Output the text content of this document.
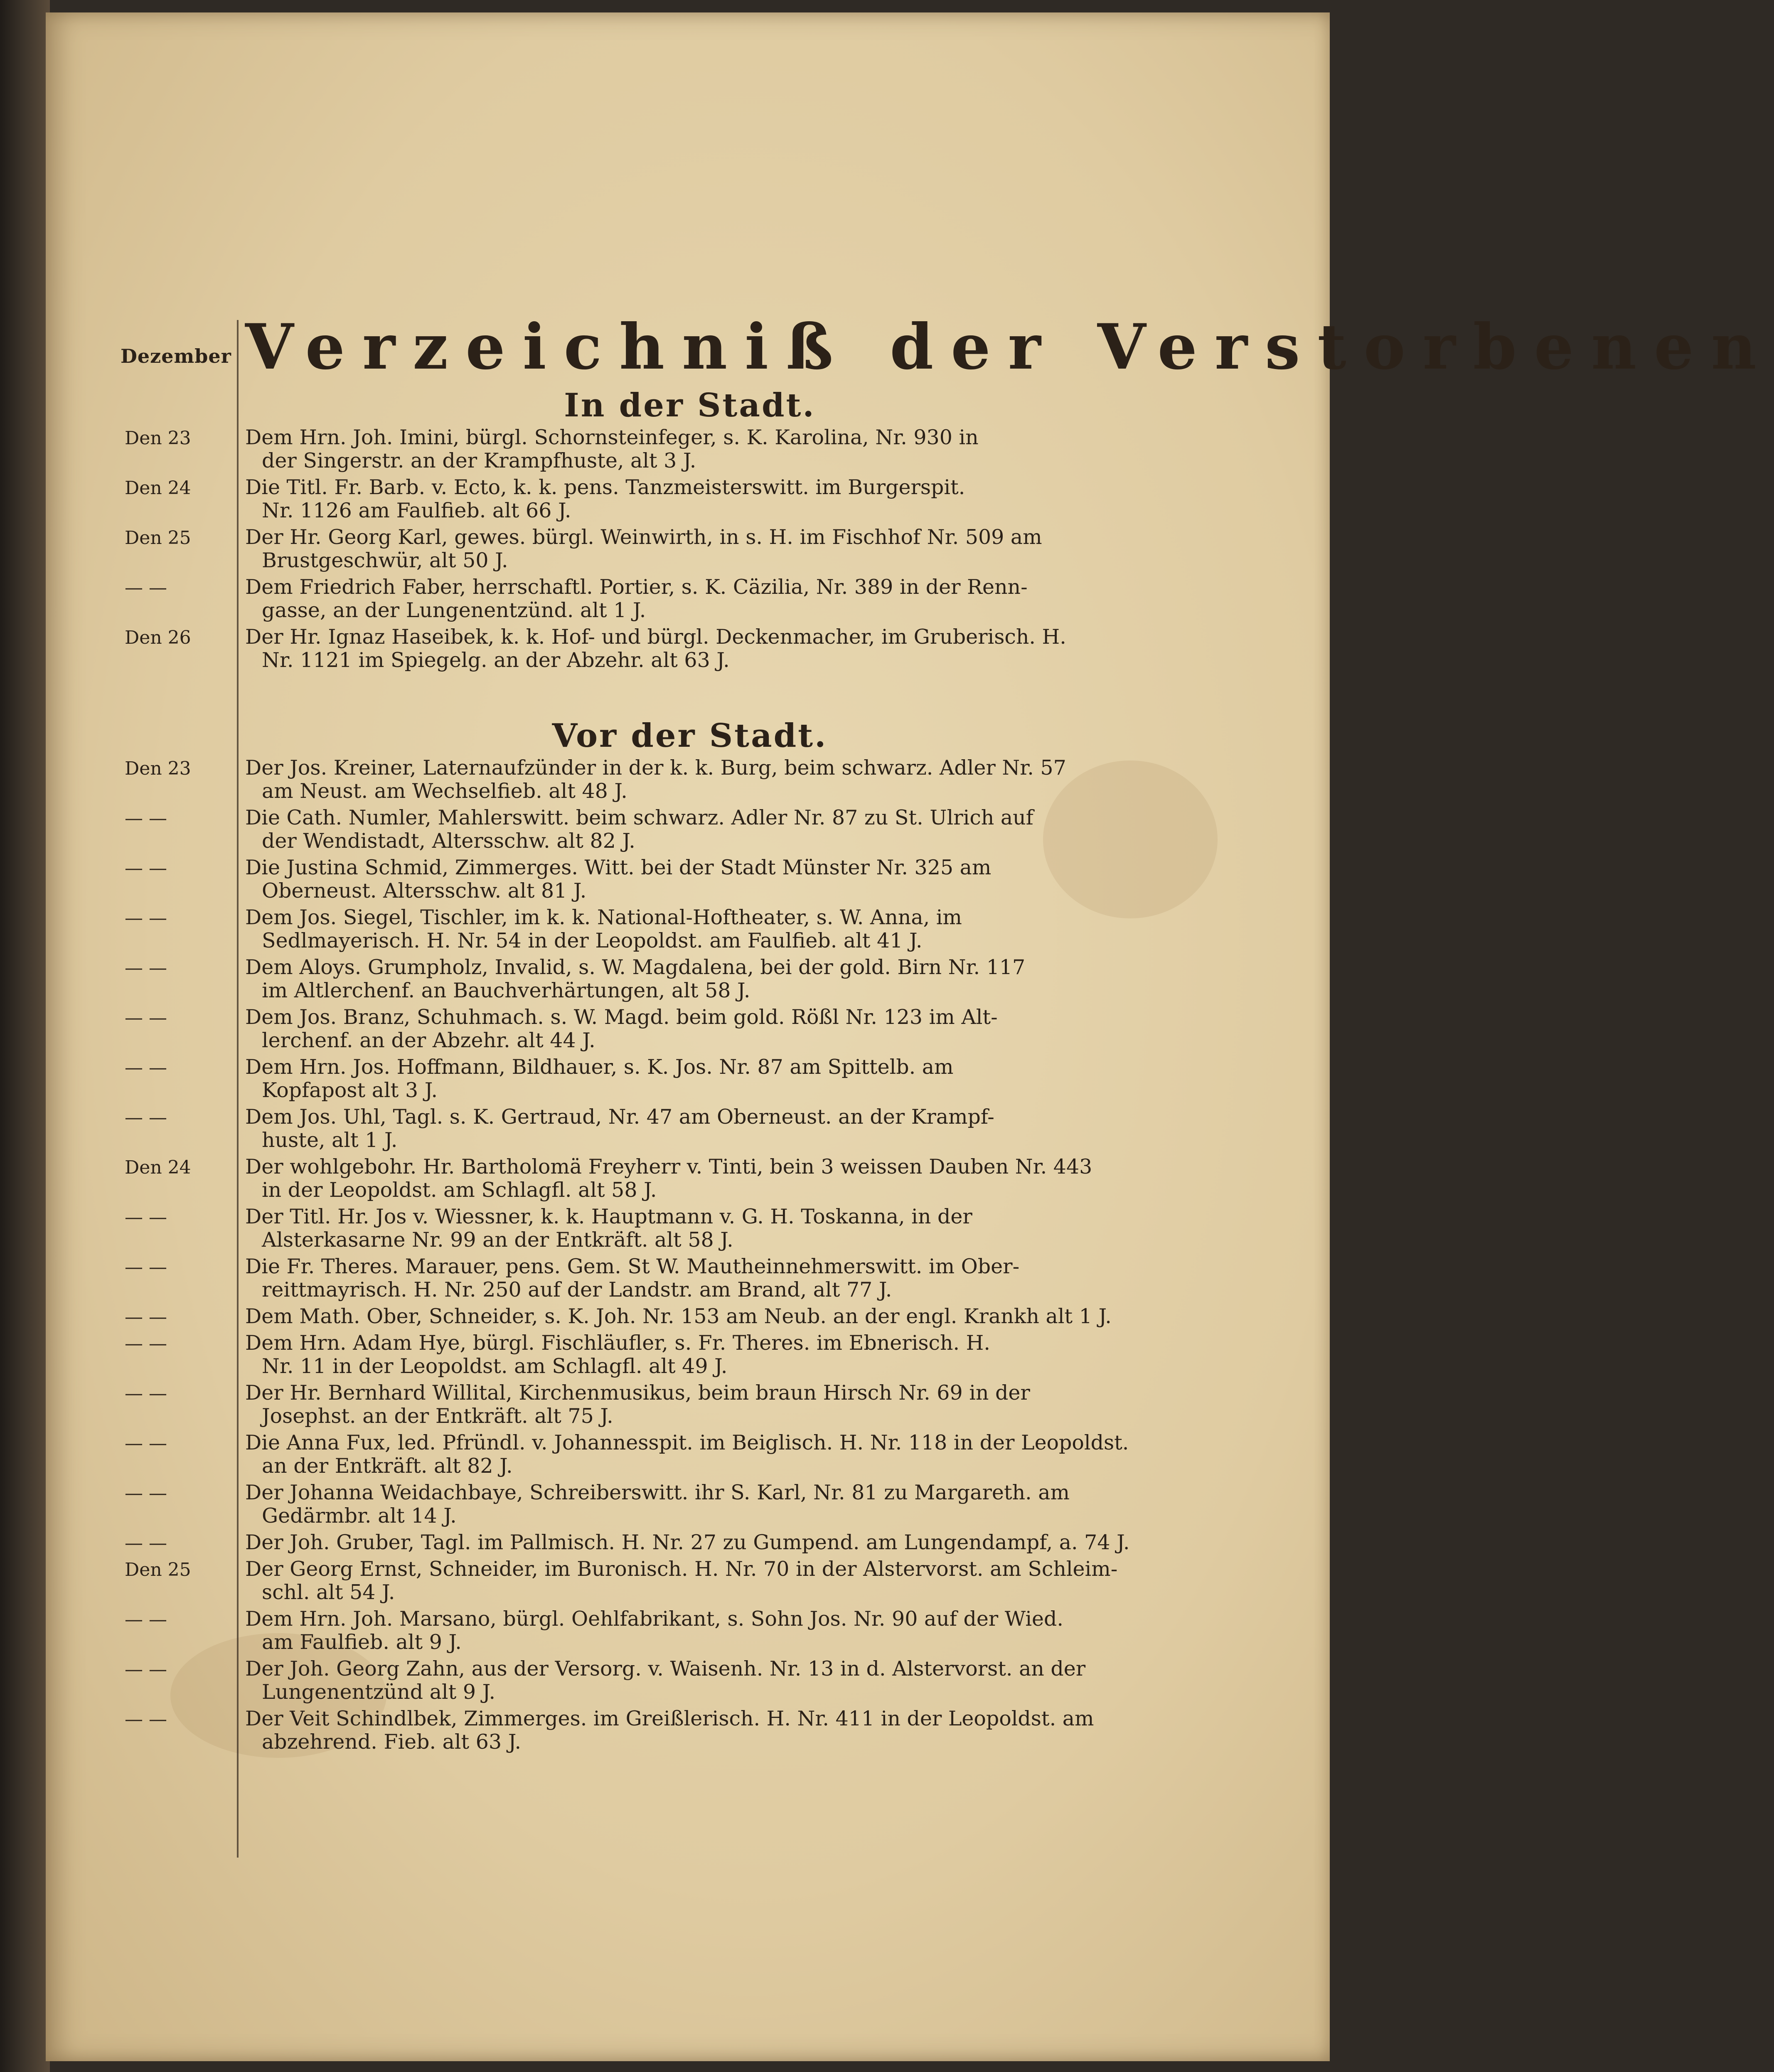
Dezember Verzeichniß der Verstorbenen
In der Stadt.
Den 23	Dem Hrn. Joh. Imini, bürgl. Schornsteinfeger, s. K. Karolina, Nr. 930 in
der Singerstr. an der Krampfhuste, alt 3 J.
Den 24	Die Titl. Fr. Barb. v. Ecto, k. k. pens. Tanzmeisterswitt. im Burgerspit.
Nr. 1126 am Faulfieb. alt 66 J.
Den 25	Der Hr. Georg Karl, gewes. bürgl. Weinwirth, in s. H. im Fischhof Nr. 509 am
Brustgeschwür, alt 50 J.
— —	Dem Friedrich Faber, herrschaftl. Portier, s. K. Cäzilia, Nr. 389 in der Renn-
gasse, an der Lungenentzünd. alt 1 J.
Den 26	Der Hr. Ignaz Haseibek, k. k. Hof- und bürgl. Deckenmacher, im Gruberisch. H.
Nr. 1121 im Spiegelg. an der Abzehr. alt 63 J.
Vor der Stadt.
Den 23	Der Jos. Kreiner, Laternaufzünder in der k. k. Burg, beim schwarz. Adler Nr. 57
am Neust. am Wechselfieb. alt 48 J.
— —	Die Cath. Numler, Mahlerswitt. beim schwarz. Adler Nr. 87 zu St. Ulrich auf
der Wendistadt, Altersschw. alt 82 J.
— —	Die Justina Schmid, Zimmerges. Witt. bei der Stadt Münster Nr. 325 am
Oberneust. Altersschw. alt 81 J.
— —	Dem Jos. Siegel, Tischler, im k. k. National-Hoftheater, s. W. Anna, im
Sedlmayerisch. H. Nr. 54 in der Leopoldst. am Faulfieb. alt 41 J.
— —	Dem Aloys. Grumpholz, Invalid, s. W. Magdalena, bei der gold. Birn Nr. 117
im Altlerchenf. an Bauchverhärtungen, alt 58 J.
— —	Dem Jos. Branz, Schuhmach. s. W. Magd. beim gold. Rößl Nr. 123 im Alt-
lerchenf. an der Abzehr. alt 44 J.
— —	Dem Hrn. Jos. Hoffmann, Bildhauer, s. K. Jos. Nr. 87 am Spittelb. am
Kopfapost alt 3 J.
— —	Dem Jos. Uhl, Tagl. s. K. Gertraud, Nr. 47 am Oberneust. an der Krampf-
huste, alt 1 J.
Den 24	Der wohlgebohr. Hr. Bartholomä Freyherr v. Tinti, bein 3 weissen Dauben Nr. 443
in der Leopoldst. am Schlagfl. alt 58 J.
— —	Der Titl. Hr. Jos v. Wiessner, k. k. Hauptmann v. G. H. Toskanna, in der
Alsterkasarne Nr. 99 an der Entkräft. alt 58 J.
— —	Die Fr. Theres. Marauer, pens. Gem. St W. Mautheinnehmerswitt. im Ober-
reittmayrisch. H. Nr. 250 auf der Landstr. am Brand, alt 77 J.
— —	Dem Math. Ober, Schneider, s. K. Joh. Nr. 153 am Neub. an der engl. Krankh alt 1 J.
— —	Dem Hrn. Adam Hye, bürgl. Fischläufler, s. Fr. Theres. im Ebnerisch. H.
Nr. 11 in der Leopoldst. am Schlagfl. alt 49 J.
— —	Der Hr. Bernhard Willital, Kirchenmusikus, beim braun Hirsch Nr. 69 in der
Josephst. an der Entkräft. alt 75 J.
— —	Die Anna Fux, led. Pfründl. v. Johannesspit. im Beiglisch. H. Nr. 118 in der Leopoldst.
an der Entkräft. alt 82 J.
— —	Der Johanna Weidachbaye, Schreiberswitt. ihr S. Karl, Nr. 81 zu Margareth. am
Gedärmbr. alt 14 J.
— —	Der Joh. Gruber, Tagl. im Pallmisch. H. Nr. 27 zu Gumpend. am Lungendampf, a. 74 J.
Den 25	Der Georg Ernst, Schneider, im Buronisch. H. Nr. 70 in der Alstervorst. am Schleim-
schl. alt 54 J.
— —	Dem Hrn. Joh. Marsano, bürgl. Oehlfabrikant, s. Sohn Jos. Nr. 90 auf der Wied.
am Faulfieb. alt 9 J.
— —	Der Joh. Georg Zahn, aus der Versorg. v. Waisenh. Nr. 13 in d. Alstervorst. an der
Lungenentzünd alt 9 J.
— —	Der Veit Schindlbek, Zimmerges. im Greißlerisch. H. Nr. 411 in der Leopoldst. am
abzehrend. Fieb. alt 63 J.
